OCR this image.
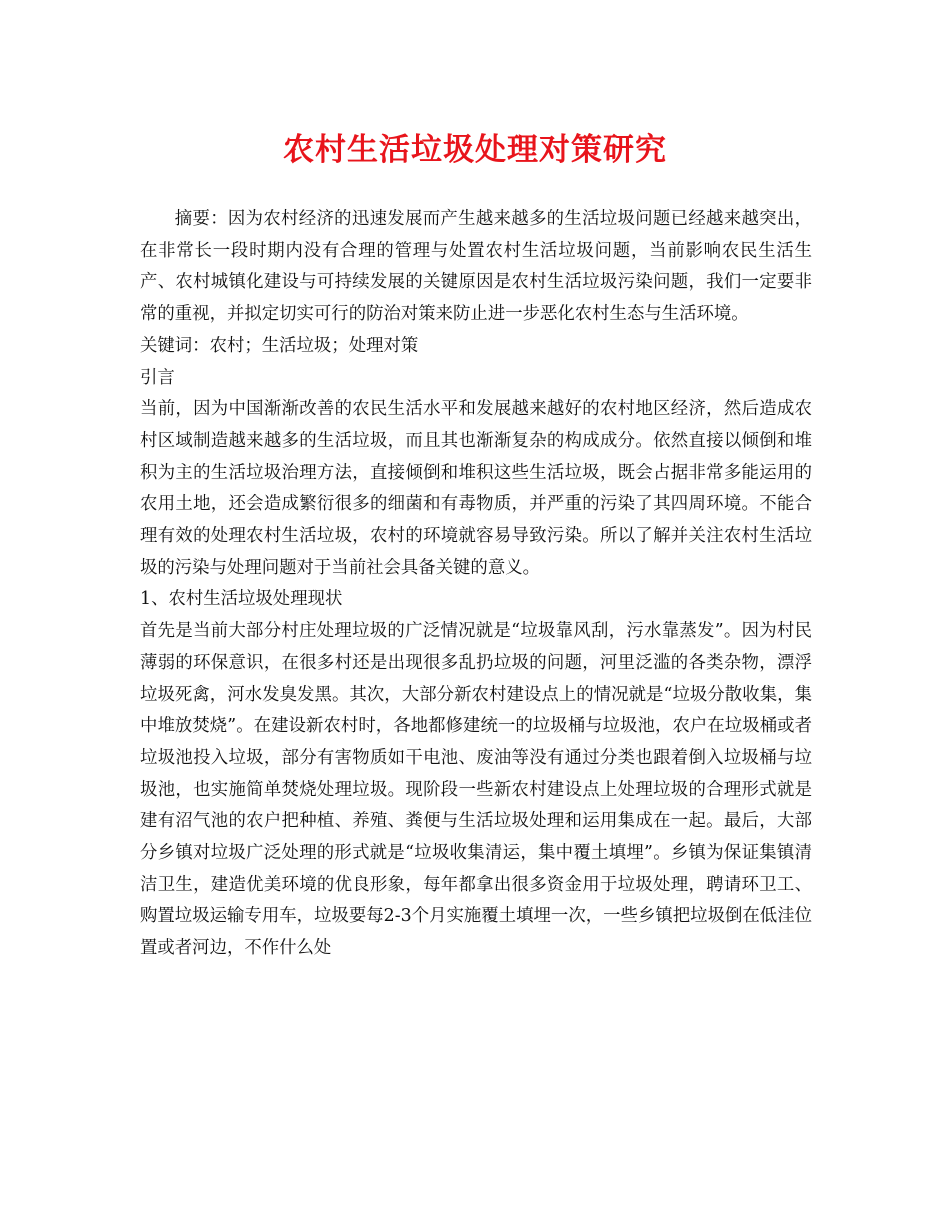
农村生活垃圾处理对策研究

摘要：因为农村经济的迅速发展而产生越来越多的生活垃圾问题已经越来越突出，在非常长一段时期内没有合理的管理与处置农村生活垃圾问题，当前影响农民生活生产、农村城镇化建设与可持续发展的关键原因是农村生活垃圾污染问题，我们一定要非常的重视，并拟定切实可行的防治对策来防止进一步恶化农村生态与生活环境。

关键词：农村；生活垃圾；处理对策

引言

当前，因为中国渐渐改善的农民生活水平和发展越来越好的农村地区经济，然后造成农村区域制造越来越多的生活垃圾，而且其也渐渐复杂的构成成分。依然直接以倾倒和堆积为主的生活垃圾治理方法，直接倾倒和堆积这些生活垃圾，既会占据非常多能运用的农用土地，还会造成繁衍很多的细菌和有毒物质，并严重的污染了其四周环境。不能合理有效的处理农村生活垃圾，农村的环境就容易导致污染。所以了解并关注农村生活垃圾的污染与处理问题对于当前社会具备关键的意义。

1、农村生活垃圾处理现状

首先是当前大部分村庄处理垃圾的广泛情况就是“垃圾靠风刮，污水靠蒸发”。因为村民薄弱的环保意识，在很多村还是出现很多乱扔垃圾的问题，河里泛滥的各类杂物，漂浮垃圾死禽，河水发臭发黑。其次，大部分新农村建设点上的情况就是“垃圾分散收集，集中堆放焚烧”。在建设新农村时，各地都修建统一的垃圾桶与垃圾池，农户在垃圾桶或者垃圾池投入垃圾，部分有害物质如干电池、废油等没有通过分类也跟着倒入垃圾桶与垃圾池，也实施简单焚烧处理垃圾。现阶段一些新农村建设点上处理垃圾的合理形式就是建有沼气池的农户把种植、养殖、粪便与生活垃圾处理和运用集成在一起。最后，大部分乡镇对垃圾广泛处理的形式就是“垃圾收集清运，集中覆土填埋”。乡镇为保证集镇清洁卫生，建造优美环境的优良形象，每年都拿出很多资金用于垃圾处理，聘请环卫工、购置垃圾运输专用车，垃圾要每2-3个月实施覆土填埋一次，一些乡镇把垃圾倒在低洼位置或者河边，不作什么处
